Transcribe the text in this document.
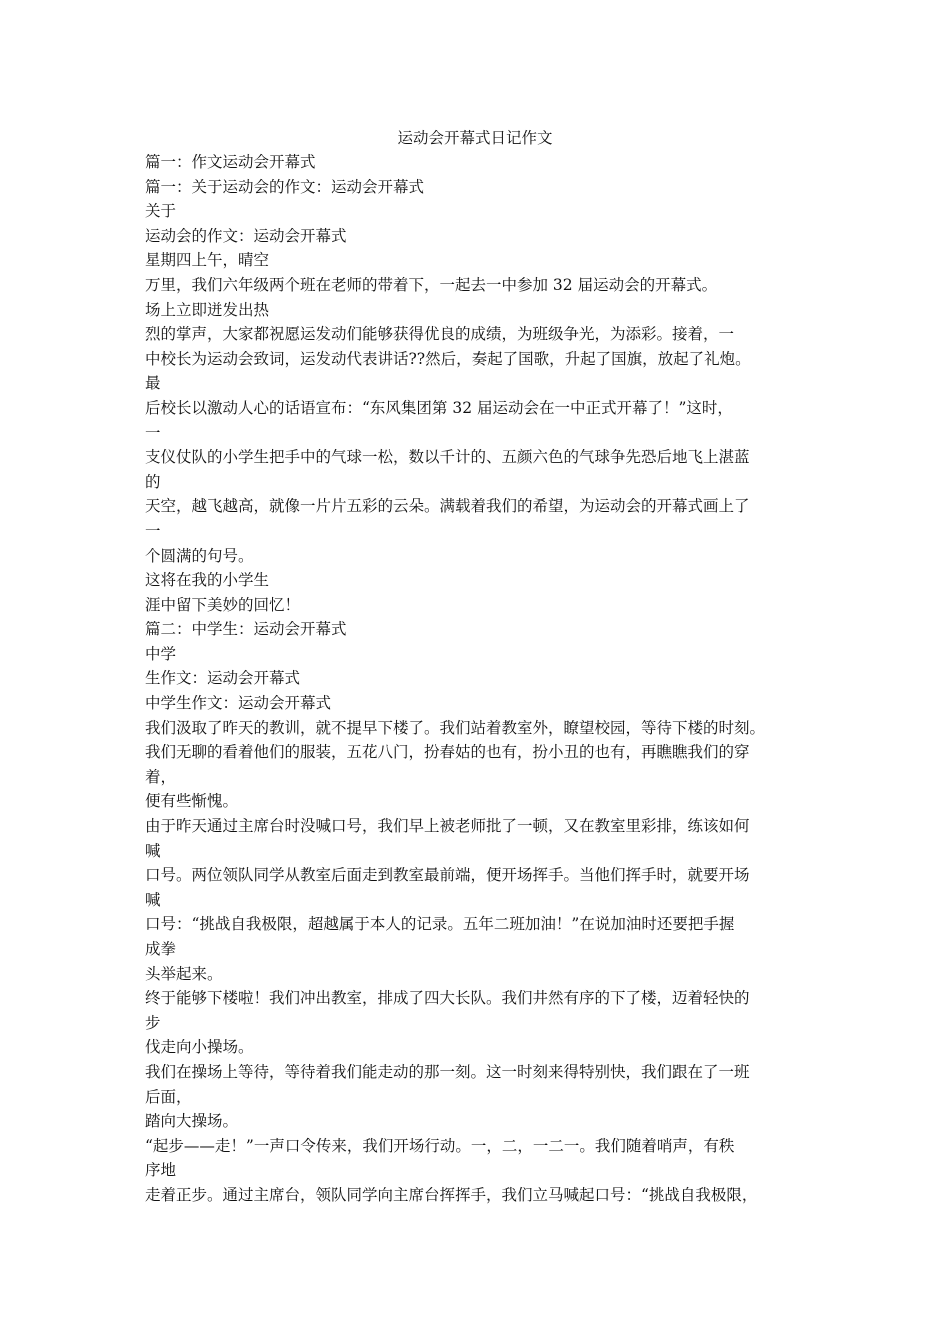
运动会开幕式日记作文
篇一：作文运动会开幕式
篇一：关于运动会的作文：运动会开幕式
关于
运动会的作文：运动会开幕式
星期四上午，晴空
万里，我们六年级两个班在老师的带着下，一起去一中参加 32 届运动会的开幕式。
场上立即迸发出热
烈的掌声，大家都祝愿运发动们能够获得优良的成绩，为班级争光，为添彩。接着，一
中校长为运动会致词，运发动代表讲话??然后，奏起了国歌，升起了国旗，放起了礼炮。
最
后校长以激动人心的话语宣布：“东风集团第 32 届运动会在一中正式开幕了！”这时，
一
支仪仗队的小学生把手中的气球一松，数以千计的、五颜六色的气球争先恐后地飞上湛蓝
的
天空，越飞越高，就像一片片五彩的云朵。满载着我们的希望，为运动会的开幕式画上了
一
个圆满的句号。
这将在我的小学生
涯中留下美妙的回忆！
篇二：中学生：运动会开幕式
中学
生作文：运动会开幕式
中学生作文：运动会开幕式
我们汲取了昨天的教训，就不提早下楼了。我们站着教室外，瞭望校园，等待下楼的时刻。
我们无聊的看着他们的服装，五花八门，扮春姑的也有，扮小丑的也有，再瞧瞧我们的穿
着，
便有些惭愧。
由于昨天通过主席台时没喊口号，我们早上被老师批了一顿，又在教室里彩排，练该如何
喊
口号。两位领队同学从教室后面走到教室最前端，便开场挥手。当他们挥手时，就要开场
喊
口号：“挑战自我极限，超越属于本人的记录。五年二班加油！”在说加油时还要把手握
成拳
头举起来。
终于能够下楼啦！我们冲出教室，排成了四大长队。我们井然有序的下了楼，迈着轻快的
步
伐走向小操场。
我们在操场上等待，等待着我们能走动的那一刻。这一时刻来得特别快，我们跟在了一班
后面，
踏向大操场。
“起步——走！”一声口令传来，我们开场行动。一，二，一二一。我们随着哨声，有秩
序地
走着正步。通过主席台，领队同学向主席台挥挥手，我们立马喊起口号：“挑战自我极限，
